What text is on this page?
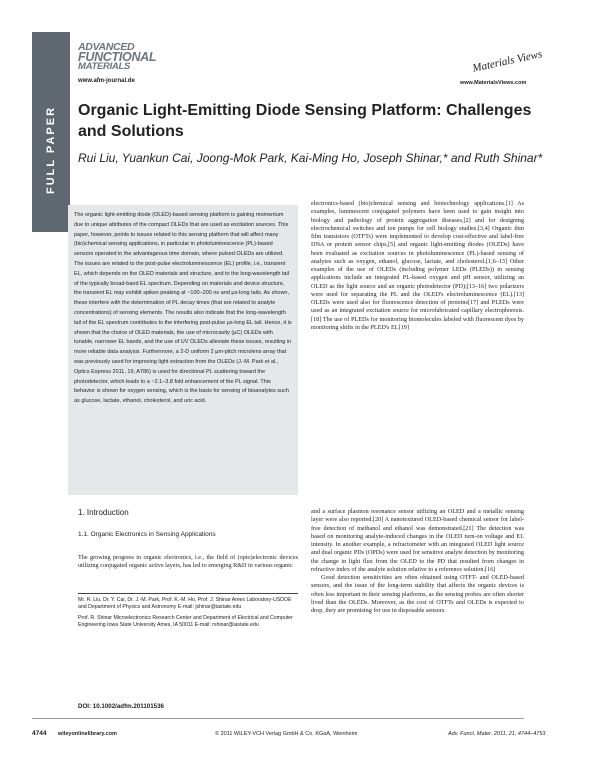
FULL PAPER
ADVANCED
FUNCTIONAL
MATERIALS
www.afm-journal.de
Materials Views
www.MaterialsViews.com
Organic Light-Emitting Diode Sensing Platform: Challenges and Solutions
Rui Liu, Yuankun Cai, Joong-Mok Park, Kai-Ming Ho, Joseph Shinar,* and Ruth Shinar*

The organic light-emitting diode (OLED)-based sensing platform is gaining momentum due to unique attributes of the compact OLEDs that are used as excitation sources. This paper, however, points to issues related to this sensing platform that will affect many (bio)chemical sensing applications, in particular in photoluminescence (PL)-based sensors operated in the advantageous time domain, where pulsed OLEDs are utilized. The issues are related to the post-pulse electroluminescence (EL) profile, i.e., transient EL, which depends on the OLED materials and structure, and to the long-wavelength tail of the typically broad-band EL spectrum. Depending on materials and device structure, the transient EL may exhibit spikes peaking at ~100–200 ns and μs-long tails. As shown, these interfere with the determination of PL decay times (that are related to analyte concentrations) of sensing elements. The results also indicate that the long-wavelength tail of the EL spectrum contributes to the interfering post-pulse μs-long EL tail. Hence, it is shown that the choice of OLED materials, the use of microcavity (μC) OLEDs with tunable, narrower EL bands, and the use of UV OLEDs alleviate these issues, resulting in more reliable data analysis. Furthermore, a 2-D uniform 2 μm-pitch microlens array that was previously used for improving light extraction from the OLEDs (J.-M. Park et al., Optics Express 2011, 19, A786) is used for directional PL scattering toward the photodetector, which leads to a ~2.1–3.8 fold enhancement of the PL signal. This behavior is shown for oxygen sensing, which is the basis for sensing of bioanalytes such as glucose, lactate, ethanol, cholesterol, and uric acid.

electronics-based (bio)chemical sensing and biotechnology applications.[1] As examples, luminescent conjugated polymers have been used to gain insight into biology and pathology of protein aggregation diseases,[2] and for designing electrochemical switches and ion pumps for cell biology studies.[3,4] Organic thin film transistors (OTFTs) were implemented to develop cost-effective and label-free DNA or protein sensor chips,[5] and organic light-emitting diodes (OLEDs) have been evaluated as excitation sources in photoluminescence (PL)-based sensing of analytes such as oxygen, ethanol, glucose, lactate, and cholesterol.[1,6–13] Other examples of the use of OLEDs (including polymer LEDs (PLEDs)) in sensing applications include an integrated PL-based oxygen and pH sensor, utilizing an OLED as the light source and an organic photodetector (PD);[13–16] two polarizers were used for separating the PL and the OLED's electroluminescence (EL).[13] OLEDs were used also for fluorescence detection of proteins[17] and PLEDs were used as an integrated excitation source for microfabricated capillary electrophoresis.[18] The use of PLEDs for monitoring biomolecules labeled with fluorescent dyes by monitoring shifts in the PLED's EL[19]

1. Introduction
1.1. Organic Electronics in Sensing Applications

The growing progress in organic electronics, i.e., the field of (opto)electronic devices utilizing conjugated organic active layers, has led to emerging R&D in various organic

and a surface plasmon resonance sensor utilizing an OLED and a metallic sensing layer were also reported.[20] A nanotextured OLED-based chemical sensor for label-free detection of methanol and ethanol was demonstrated.[21] The detection was based on monitoring analyte-induced changes in the OLED turn-on voltage and EL intensity. In another example, a refractometer with an integrated OLED light source and dual organic PDs (OPDs) were used for sensitive analyte detection by monitoring the change in light flux from the OLED to the PD that resulted from changes in refractive index of the analyte solution relative to a reference solution.[16]

Good detection sensitivities are often obtained using OTFT- and OLED-based sensors, and the issue of the long-term stability that affects the organic devices is often less important in their sensing platforms, as the sensing probes are often shorter lived than the OLEDs. Moreover, as the cost of OTFTs and OLEDs is expected to drop, they are promising for use in disposable sensors.

Mr. R. Liu, Dr. Y. Cai, Dr. J.-M. Park, Prof. K.-M. Ho, Prof. J. Shinar Ames Laboratory-USDOE and Department of Physics and Astronomy E-mail: jshinar@iastate.edu

Prof. R. Shinar Microelectronics Research Center and Department of Electrical and Computer Engineering Iowa State University Ames, IA 50011 E-mail: rshinar@iastate.edu

DOI: 10.1002/adfm.201101536
4744 wileyonlinelibrary.com	© 2011 WILEY-VCH Verlag GmbH & Co. KGaA, Weinheim	Adv. Funct. Mater. 2011, 21, 4744–4753
